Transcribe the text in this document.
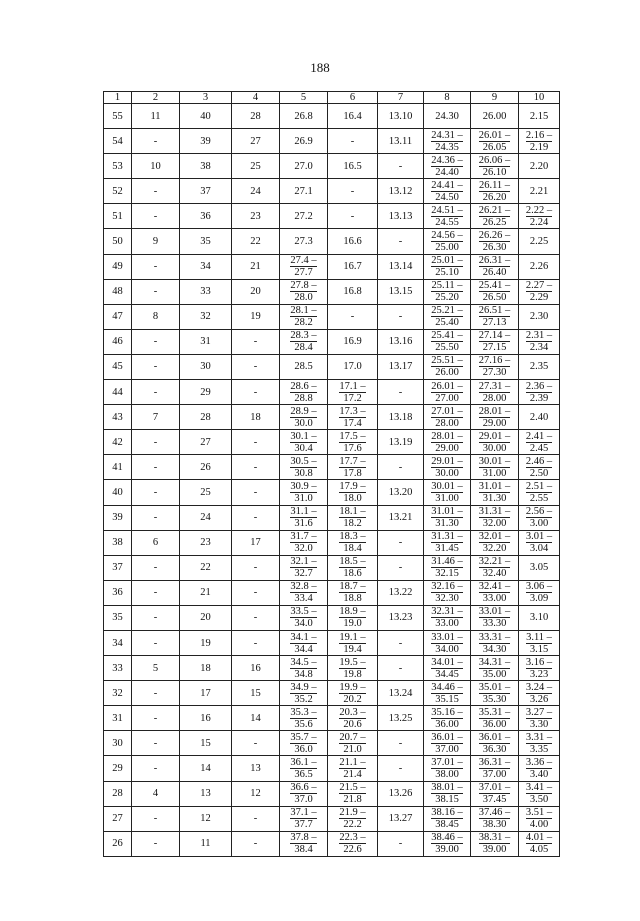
188
1	2	3	4	5	6	7	8	9	10
55	11	40	28	26.8	16.4	13.10	24.30	26.00	2.15
54	-	39	27	26.9	-	13.11	$\frac{24.31 -}{24.35}$	$\frac{26.01 -}{26.05}$	$\frac{2.16 -}{2.19}$

53	10	38	25	27.0	16.5	-	$\frac{24.36 -}{24.40}$	$\frac{26.06 -}{26.10}$	2.20
52	-	37	24	27.1	-	13.12	$\frac{24.41 -}{24.50}$	$\frac{26.11 -}{26.20}$	2.21
51	-	36	23	27.2	-	13.13	$\frac{24.51 -}{24.55}$	$\frac{26.21 -}{26.25}$	$\frac{2.22 -}{2.24}$

50	9	35	22	27.3	16.6	-	$\frac{24.56 -}{25.00}$	$\frac{26.26 -}{26.30}$	2.25
49	-	34	21	$\frac{27.4 -}{27.7}$	16.7	13.14	$\frac{25.01 -}{25.10}$	$\frac{26.31 -}{26.40}$	2.26
48	-	33	20	$\frac{27.8 -}{28.0}$	16.8	13.15	$\frac{25.11 -}{25.20}$	$\frac{25.41 -}{26.50}$	$\frac{2.27 -}{2.29}$

47	8	32	19	$\frac{28.1 -}{28.2}$	-	-	$\frac{25.21 -}{25.40}$	$\frac{26.51 -}{27.13}$	2.30
46	-	31	-	$\frac{28.3 -}{28.4}$	16.9	13.16	$\frac{25.41 -}{25.50}$	$\frac{27.14 -}{27.15}$	$\frac{2.31 -}{2.34}$

45	-	30	-	28.5	17.0	13.17	$\frac{25.51 -}{26.00}$	$\frac{27.16 -}{27.30}$	2.35
44	-	29	-	$\frac{28.6 -}{28.8}$	$\frac{17.1 -}{17.2}$	-	$\frac{26.01 -}{27.00}$	$\frac{27.31 -}{28.00}$	$\frac{2.36 -}{2.39}$

43	7	28	18	$\frac{28.9 -}{30.0}$	$\frac{17.3 -}{17.4}$	13.18	$\frac{27.01 -}{28.00}$	$\frac{28.01 -}{29.00}$	2.40
42	-	27	-	$\frac{30.1 -}{30.4}$	$\frac{17.5 -}{17.6}$	13.19	$\frac{28.01 -}{29.00}$	$\frac{29.01 -}{30.00}$	$\frac{2.41 -}{2.45}$

41	-	26	-	$\frac{30.5 -}{30.8}$	$\frac{17.7 -}{17.8}$	-	$\frac{29.01 -}{30.00}$	$\frac{30.01 -}{31.00}$	$\frac{2.46 -}{2.50}$

40	-	25	-	$\frac{30.9 -}{31.0}$	$\frac{17.9 -}{18.0}$	13.20	$\frac{30.01 -}{31.00}$	$\frac{31.01 -}{31.30}$	$\frac{2.51 -}{2.55}$

39	-	24	-	$\frac{31.1 -}{31.6}$	$\frac{18.1 -}{18.2}$	13.21	$\frac{31.01 -}{31.30}$	$\frac{31.31 -}{32.00}$	$\frac{2.56 -}{3.00}$

38	6	23	17	$\frac{31.7 -}{32.0}$	$\frac{18.3 -}{18.4}$	-	$\frac{31.31 -}{31.45}$	$\frac{32.01 -}{32.20}$	$\frac{3.01 -}{3.04}$

37	-	22	-	$\frac{32.1 -}{32.7}$	$\frac{18.5 -}{18.6}$	-	$\frac{31.46 -}{32.15}$	$\frac{32.21 -}{32.40}$	3.05
36	-	21	-	$\frac{32.8 -}{33.4}$	$\frac{18.7 -}{18.8}$	13.22	$\frac{32.16 -}{32.30}$	$\frac{32.41 -}{33.00}$	$\frac{3.06 -}{3.09}$

35	-	20	-	$\frac{33.5 -}{34.0}$	$\frac{18.9 -}{19.0}$	13.23	$\frac{32.31 -}{33.00}$	$\frac{33.01 -}{33.30}$	3.10
34	-	19	-	$\frac{34.1 -}{34.4}$	$\frac{19.1 -}{19.4}$	-	$\frac{33.01 -}{34.00}$	$\frac{33.31 -}{34.30}$	$\frac{3.11 -}{3.15}$

33	5	18	16	$\frac{34.5 -}{34.8}$	$\frac{19.5 -}{19.8}$	-	$\frac{34.01 -}{34.45}$	$\frac{34.31 -}{35.00}$	$\frac{3.16 -}{3.23}$

32	-	17	15	$\frac{34.9 -}{35.2}$	$\frac{19.9 -}{20.2}$	13.24	$\frac{34.46 -}{35.15}$	$\frac{35.01 -}{35.30}$	$\frac{3.24 -}{3.26}$

31	-	16	14	$\frac{35.3 -}{35.6}$	$\frac{20.3 -}{20.6}$	13.25	$\frac{35.16 -}{36.00}$	$\frac{35.31 -}{36.00}$	$\frac{3.27 -}{3.30}$

30	-	15	-	$\frac{35.7 -}{36.0}$	$\frac{20.7 -}{21.0}$	-	$\frac{36.01 -}{37.00}$	$\frac{36.01 -}{36.30}$	$\frac{3.31 -}{3.35}$

29	-	14	13	$\frac{36.1 -}{36.5}$	$\frac{21.1 -}{21.4}$	-	$\frac{37.01 -}{38.00}$	$\frac{36.31 -}{37.00}$	$\frac{3.36 -}{3.40}$

28	4	13	12	$\frac{36.6 -}{37.0}$	$\frac{21.5 -}{21.8}$	13.26	$\frac{38.01 -}{38.15}$	$\frac{37.01 -}{37.45}$	$\frac{3.41 -}{3.50}$

27	-	12	-	$\frac{37.1 -}{37.7}$	$\frac{21.9 -}{22.2}$	13.27	$\frac{38.16 -}{38.45}$	$\frac{37.46 -}{38.30}$	$\frac{3.51 -}{4.00}$

26	-	11	-	$\frac{37.8 -}{38.4}$	$\frac{22.3 -}{22.6}$	-	$\frac{38.46 -}{39.00}$	$\frac{38.31 -}{39.00}$	$\frac{4.01 -}{4.05}$
